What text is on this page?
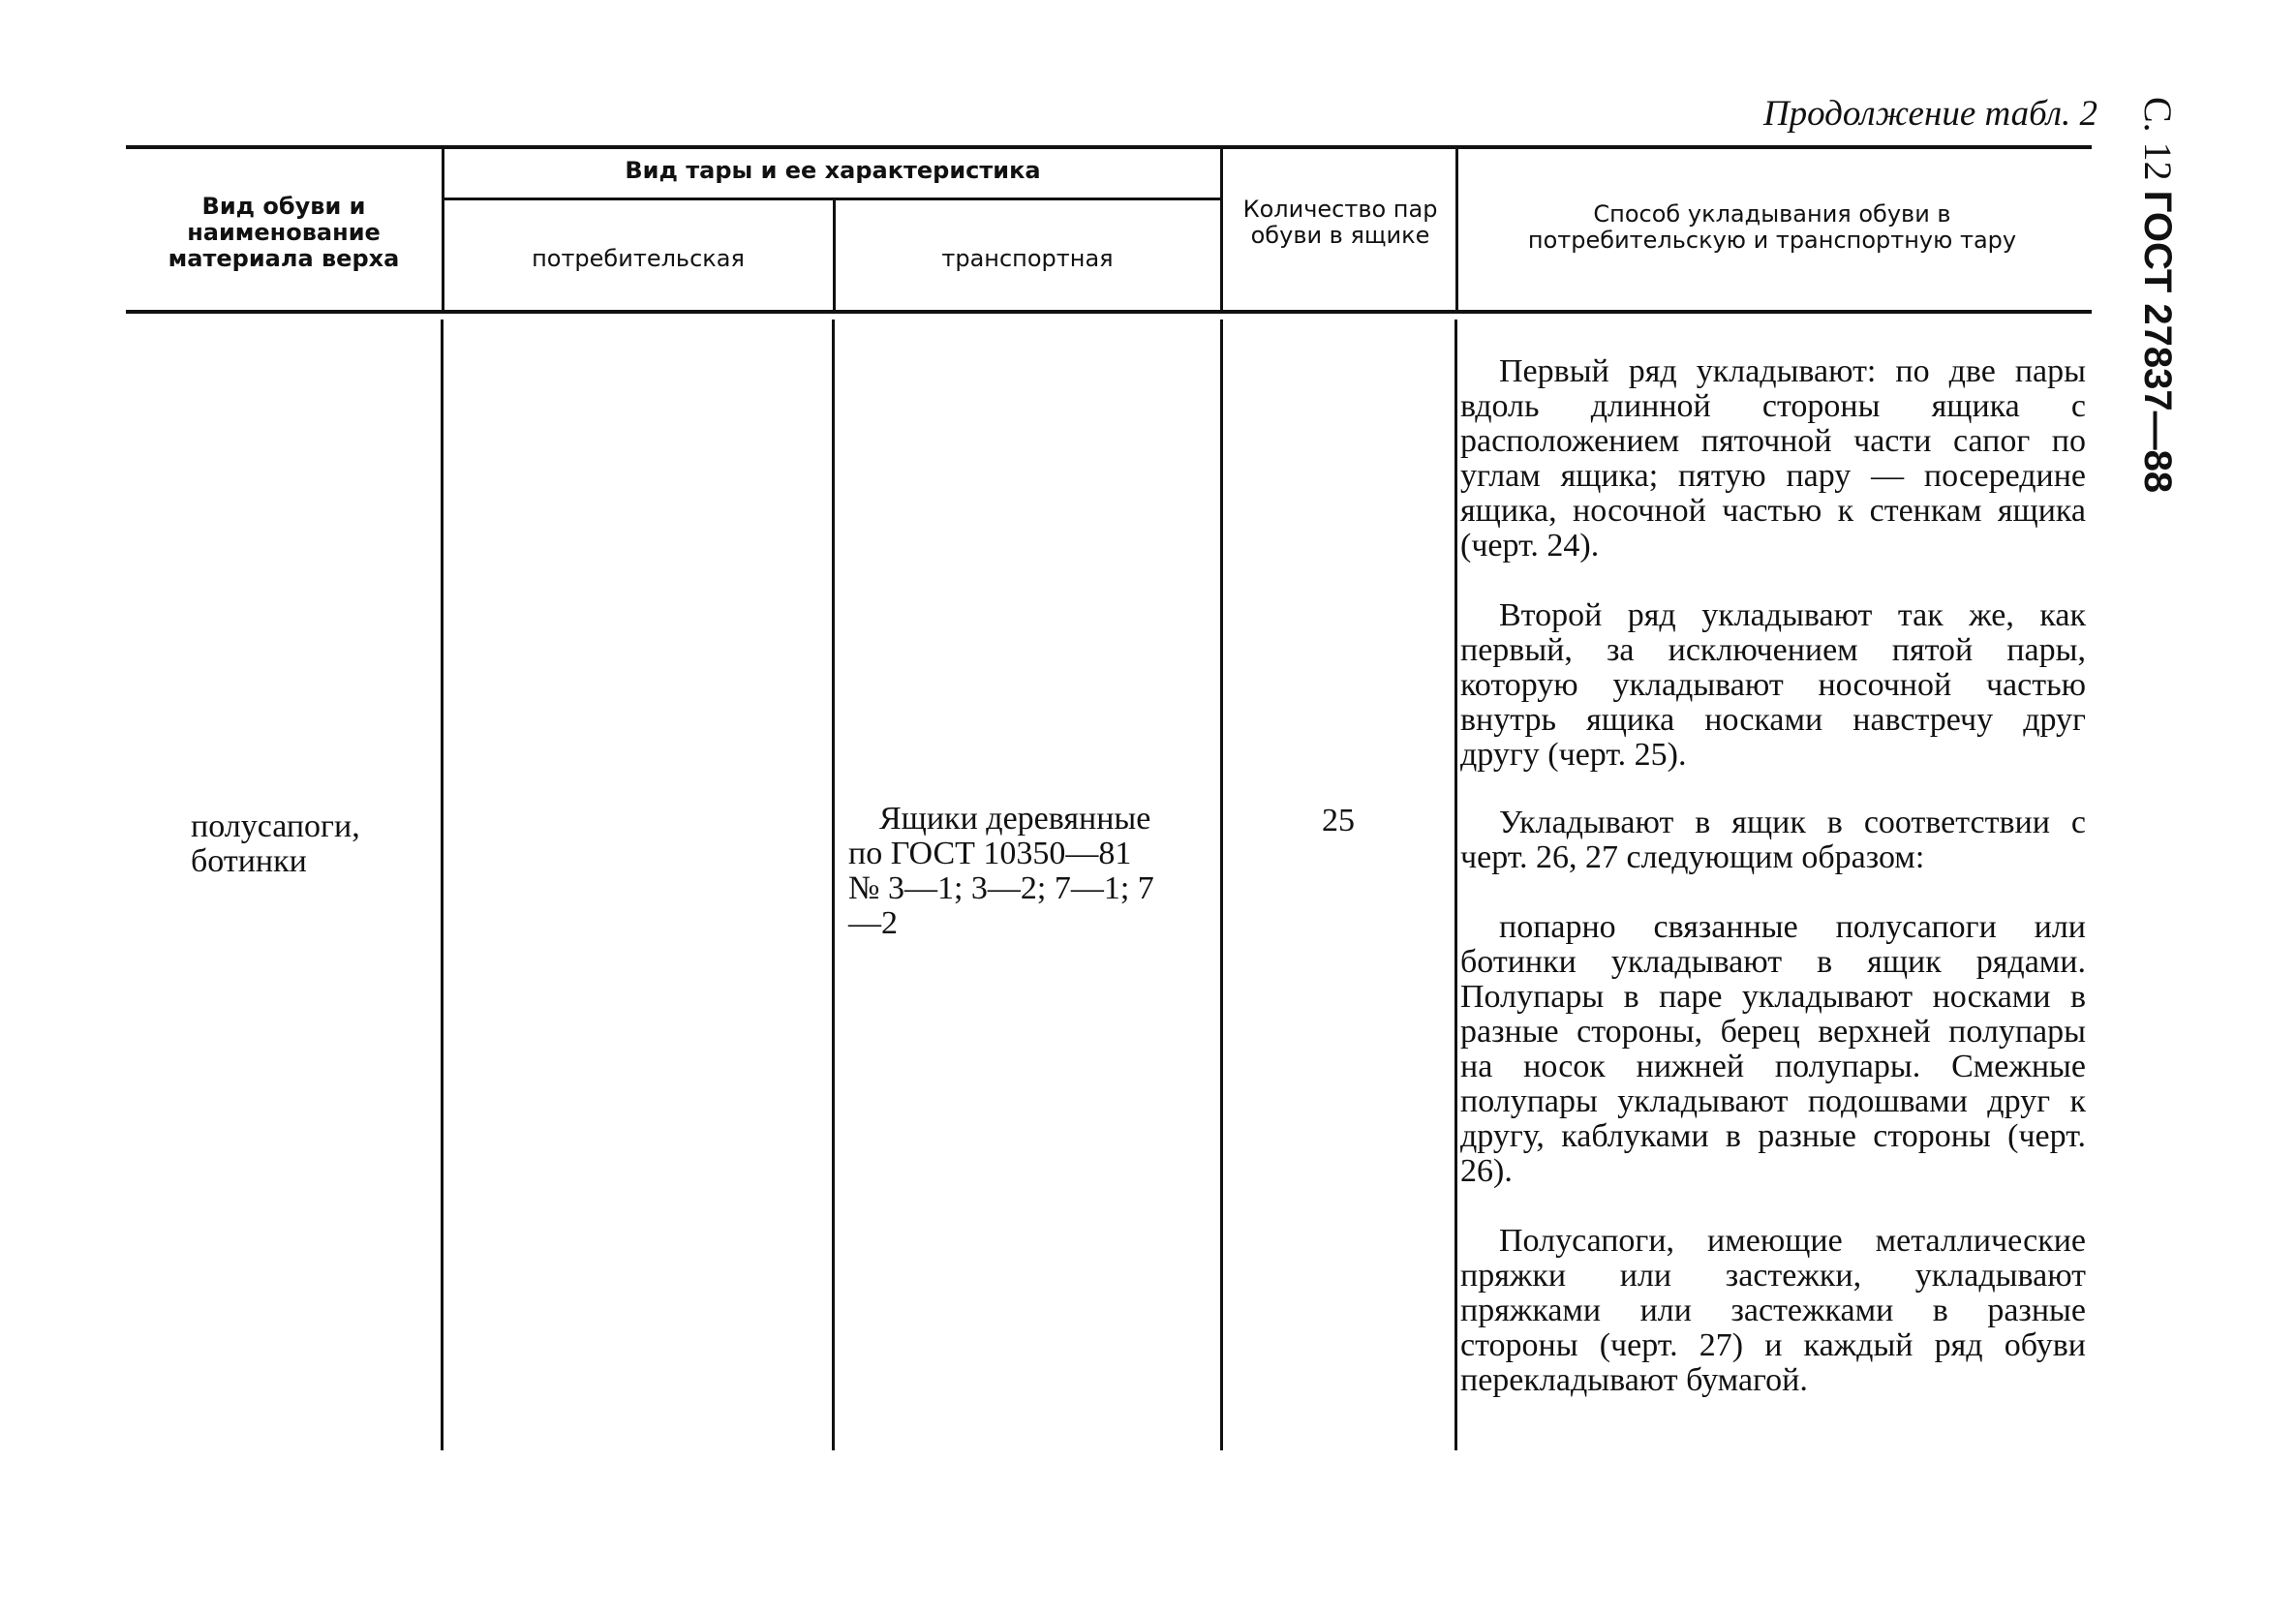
Продолжение табл. 2 С. 12 ГОСТ 27837—88
Вид обуви и наименование материала верха
Вид тары и ее характеристика
потребительская	транспортная
Количество пар обуви в ящике
Способ укладывания обуви в потребительскую и транспортную тару
полусапоги, ботинки
Ящики деревянные по ГОСТ 10350—81 № 3—1; 3—2; 7—1; 7—2
25
Первый ряд укладывают: по две пары вдоль длинной стороны ящика с расположением пяточной части сапог по углам ящика; пятую пару — посередине ящика, носочной частью к стенкам ящика (черт. 24).
Второй ряд укладывают так же, как первый, за исключением пятой пары, которую укладывают носочной частью внутрь ящика носками навстречу друг другу (черт. 25).
Укладывают в ящик в соответствии с черт. 26, 27 следующим образом:
попарно связанные полусапоги или ботинки укладывают в ящик рядами. Полупары в паре укладывают носками в разные стороны, берец верхней полупары на носок нижней полупары. Смежные полупары укладывают подошвами друг к другу, каблуками в разные стороны (черт. 26).
Полусапоги, имеющие металлические пряжки или застежки, укладывают пряжками или застежками в разные стороны (черт. 27) и каждый ряд обуви перекладывают бумагой.
